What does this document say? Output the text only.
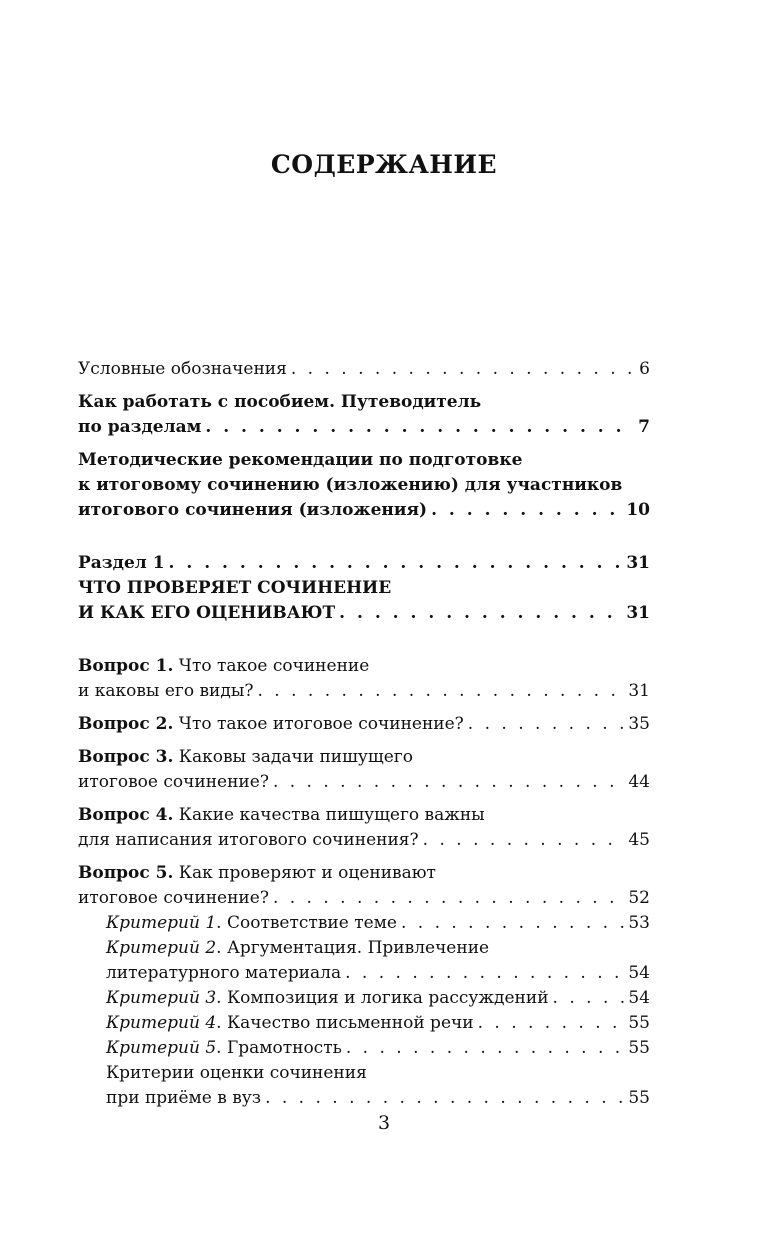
СОДЕРЖАНИЕ
Условные обозначения . . .	6
Как работать с пособием. Путеводитель
по разделам . . .	7
Методические рекомендации по подготовке
к итоговому сочинению (изложению) для участников
итогового сочинения (изложения) . . .	10
Раздел 1 . . .	31
ЧТО ПРОВЕРЯЕТ СОЧИНЕНИЕ
И КАК ЕГО ОЦЕНИВАЮТ . . .	31
Вопрос 1. Что такое сочинение
и каковы его виды? . . .	31
Вопрос 2. Что такое итоговое сочинение? . . .	35
Вопрос 3. Каковы задачи пишущего
итоговое сочинение? . . .	44
Вопрос 4. Какие качества пишущего важны
для написания итогового сочинения? . . .	45
Вопрос 5. Как проверяют и оценивают
итоговое сочинение? . . .	52
Критерий 1. Соответствие теме . . .	53
Критерий 2. Аргументация. Привлечение
литературного материала . . .	54
Критерий 3. Композиция и логика рассуждений . . .	54
Критерий 4. Качество письменной речи . . .	55
Критерий 5. Грамотность . . .	55
Критерии оценки сочинения
при приёме в вуз . . .	55
3
